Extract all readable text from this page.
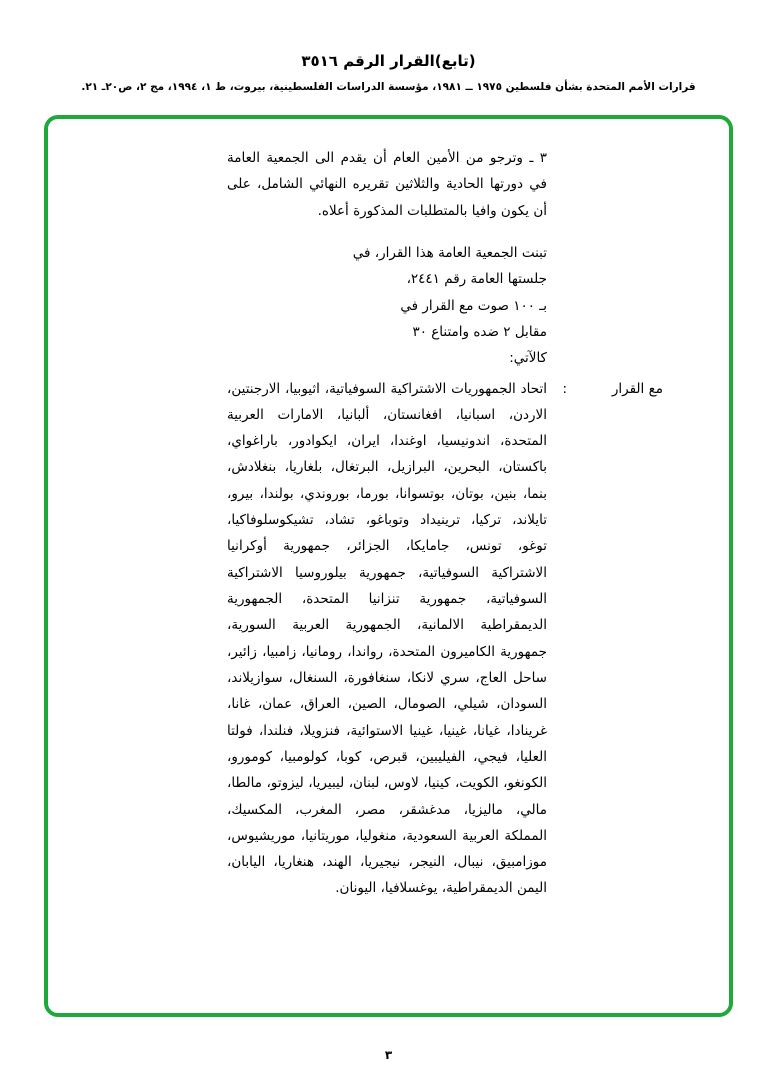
(تابع)القرار الرقم ٣٥١٦
قرارات الأمم المتحدة بشأن فلسطين ١٩٧٥ ــ ١٩٨١، مؤسسة الدراسات الفلسطينية، بيروت، ط ١، ١٩٩٤، مج ٢، ص٢٠ـ ٢١.

٣ ـ وترجو من الأمين العام أن يقدم الى الجمعية العامة في دورتها الحادية والثلاثين تقريره النهائي الشامل، على أن يكون وافيا بالمتطلبات المذكورة أعلاه.

تبنت الجمعية العامة هذا القرار، في
جلستها العامة رقم ٢٤٤١،
بـ ١٠٠ صوت مع القرار في
مقابل ٢ ضده وامتناع ٣٠
كالآتي:
مع القرار
:

اتحاد الجمهوريات الاشتراكية السوفياتية، اثيوبيا، الارجنتين، الاردن، اسبانيا، افغانستان، ألبانيا، الامارات العربية المتحدة، اندونيسيا، اوغندا، ايران، ايكوادور، باراغواي، باكستان، البحرين، البرازيل، البرتغال، بلغاريا، بنغلادش، بنما، بنين، بوتان، بوتسوانا، بورما، بوروندي، بولندا، بيرو، تايلاند، تركيا، ترينيداد وتوباغو، تشاد، تشيكوسلوفاكيا، توغو، تونس، جامايكا، الجزائر، جمهورية أوكرانيا الاشتراكية السوفياتية، جمهورية بيلوروسيا الاشتراكية السوفياتية، جمهورية تنزانيا المتحدة، الجمهورية الديمقراطية الالمانية، الجمهورية العربية السورية، جمهورية الكاميرون المتحدة، رواندا، رومانيا، زامبيا، زائير، ساحل العاج، سري لانكا، سنغافورة، السنغال، سوازيلاند، السودان، شيلي، الصومال، الصين، العراق، عمان، غانا، غرينادا، غيانا، غينيا، غينيا الاستوائية، فنزويلا، فنلندا، فولتا العليا، فيجي، الفيليبين، قبرص، كوبا، كولومبيا، كومورو، الكونغو، الكويت، كينيا، لاوس، لبنان، ليبيريا، ليزوتو، مالطا، مالي، ماليزيا، مدغشقر، مصر، المغرب، المكسيك، المملكة العربية السعودية، منغوليا، موريتانيا، موريشيوس، موزامبيق، نيبال، النيجر، نيجيريا، الهند، هنغاريا، اليابان، اليمن الديمقراطية، يوغسلافيا، اليونان.

٣
